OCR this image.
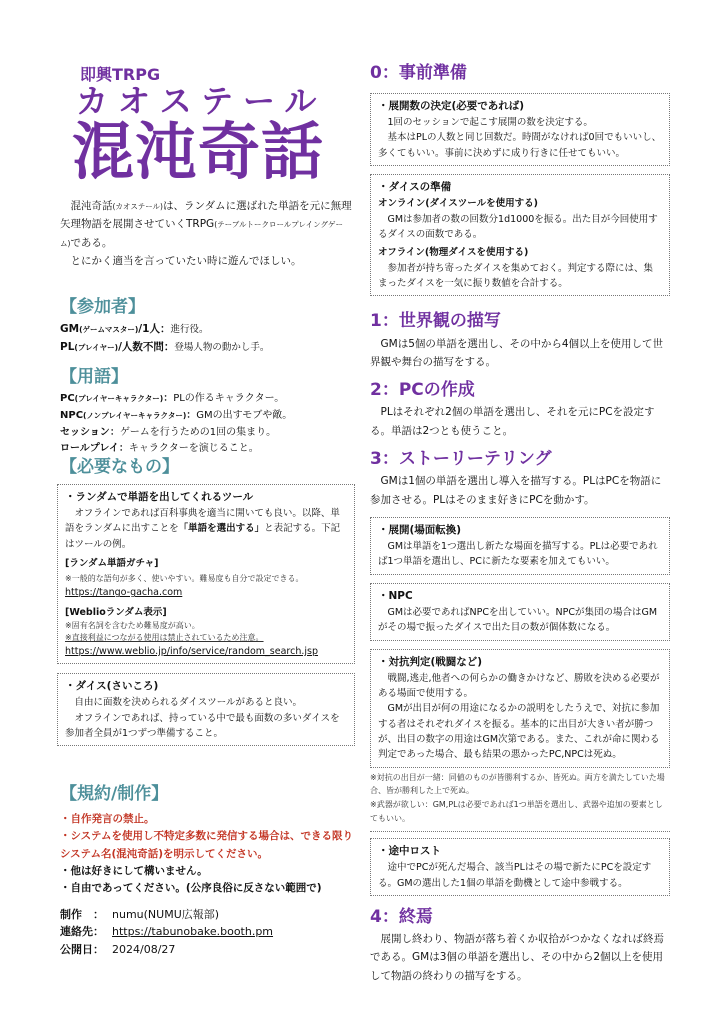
即興TRPG
カオステール
混沌奇話

混沌奇話(カオステール)は、ランダムに選ばれた単語を元に無理矢理物語を展開させていくTRPG(テーブルトークロールプレイングゲーム)である。

とにかく適当を言っていたい時に遊んでほしい。

【参加者】
GM(ゲームマスター)/1人：進行役。
PL(プレイヤー)/人数不問：登場人物の動かし手。
【用語】
PC(プレイヤーキャラクター)：PLの作るキャラクター。
NPC(ノンプレイヤーキャラクター)：GMの出すモブや敵。
セッション：ゲームを行うための1回の集まり。
ロールプレイ：キャラクターを演じること。
【必要なもの】
・ランダムで単語を出してくれるツール

オフラインであれば百科事典を適当に開いても良い。以降、単語をランダムに出すことを「単語を選出する」と表記する。下記はツールの例。

[ランダム単語ガチャ]
※一般的な語句が多く、使いやすい。難易度も自分で設定できる。
https://tango-gacha.com
[Weblioランダム表示]
※固有名詞を含むため難易度が高い。
※直接利益につながる使用は禁止されているため注意。
https://www.weblio.jp/info/service/random_search.jsp
・ダイス(さいころ)

自由に面数を決められるダイスツールがあると良い。

オフラインであれば、持っている中で最も面数の多いダイスを参加者全員が1つずつ準備すること。

【規約/制作】
・自作発言の禁止。
・システムを使用し不特定多数に発信する場合は、できる限りシステム名(混沌奇話)を明示してください。
・他は好きにして構いません。
・自由であってください。(公序良俗に反さない範囲で)
制作　： numu(NUMU広報部)
連絡先： https://tabunobake.booth.pm
公開日： 2024/08/27
0：事前準備
・展開数の決定(必要であれば)

1回のセッションで起こす展開の数を決定する。

基本はPLの人数と同じ回数だ。時間がなければ0回でもいいし、多くてもいい。事前に決めずに成り行きに任せてもいい。

・ダイスの準備
オンライン(ダイスツールを使用する)

GMは参加者の数の回数分1d1000を振る。出た目が今回使用するダイスの面数である。

オフライン(物理ダイスを使用する)

参加者が持ち寄ったダイスを集めておく。判定する際には、集まったダイスを一気に振り数値を合計する。

1：世界観の描写

GMは5個の単語を選出し、その中から4個以上を使用して世界観や舞台の描写をする。

2：PCの作成

PLはそれぞれ2個の単語を選出し、それを元にPCを設定する。単語は2つとも使うこと。

3：ストーリーテリング

GMは1個の単語を選出し導入を描写する。PLはPCを物語に参加させる。PLはそのまま好きにPCを動かす。

・展開(場面転換)

GMは単語を1つ選出し新たな場面を描写する。PLは必要であれば1つ単語を選出し、PCに新たな要素を加えてもいい。

・NPC

GMは必要であればNPCを出していい。NPCが集団の場合はGMがその場で振ったダイスで出た目の数が個体数になる。

・対抗判定(戦闘など)

戦闘,逃走,他者への何らかの働きかけなど、勝敗を決める必要がある場面で使用する。

GMが出目が何の用途になるかの説明をしたうえで、対抗に参加する者はそれぞれダイスを振る。基本的に出目が大きい者が勝つが、出目の数字の用途はGM次第である。また、これが命に関わる判定であった場合、最も結果の悪かったPC,NPCは死ぬ。

※対抗の出目が一緒：同値のものが皆勝利するか、皆死ぬ。両方を満たしていた場合、皆が勝利した上で死ぬ。
※武器が欲しい：GM,PLは必要であれば1つ単語を選出し、武器や追加の要素としてもいい。
・途中ロスト

途中でPCが死んだ場合、該当PLはその場で新たにPCを設定する。GMの選出した1個の単語を動機として途中参戦する。

4：終焉

展開し終わり、物語が落ち着くか収拾がつかなくなれば終焉である。GMは3個の単語を選出し、その中から2個以上を使用して物語の終わりの描写をする。
